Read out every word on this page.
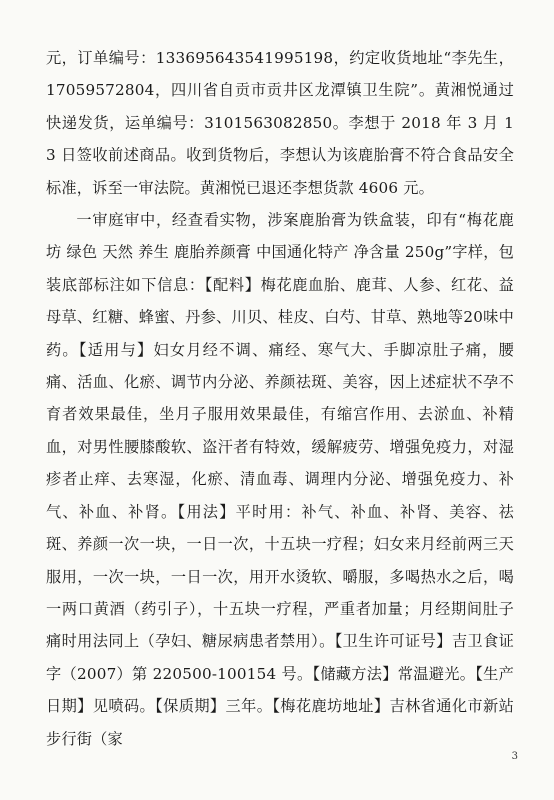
元，订单编号：133695643541995198，约定收货地址“李先生，17059572804，四川省自贡市贡井区龙潭镇卫生院”。黄湘悦通过快递发货，运单编号：3101563082850。李想于 2018 年 3 月 13 日签收前述商品。收到货物后，李想认为该鹿胎膏不符合食品安全标准，诉至一审法院。黄湘悦已退还李想货款 4606 元。

一审庭审中，经查看实物，涉案鹿胎膏为铁盒装，印有“梅花鹿坊 绿色 天然 养生 鹿胎养颜膏 中国通化特产 净含量 250g”字样，包装底部标注如下信息：【配料】梅花鹿血胎、鹿茸、人参、红花、益母草、红糖、蜂蜜、丹参、川贝、桂皮、白芍、甘草、熟地等20味中药。【适用与】妇女月经不调、痛经、寒气大、手脚凉肚子痛，腰痛、活血、化瘀、调节内分泌、养颜祛斑、美容，因上述症状不孕不育者效果最佳，坐月子服用效果最佳，有缩宫作用、去淤血、补精血，对男性腰膝酸软、盗汗者有特效，缓解疲劳、增强免疫力，对湿疹者止痒、去寒湿，化瘀、清血毒、调理内分泌、增强免疫力、补气、补血、补肾。【用法】平时用：补气、补血、补肾、美容、祛斑、养颜一次一块，一日一次，十五块一疗程；妇女来月经前两三天服用，一次一块，一日一次，用开水烫软、嚼服，多喝热水之后，喝一两口黄酒（药引子），十五块一疗程，严重者加量；月经期间肚子痛时用法同上（孕妇、糖尿病患者禁用）。【卫生许可证号】吉卫食证字（2007）第 220500-100154 号。【储藏方法】常温避光。【生产日期】见喷码。【保质期】三年。【梅花鹿坊地址】吉林省通化市新站步行街（家

3
